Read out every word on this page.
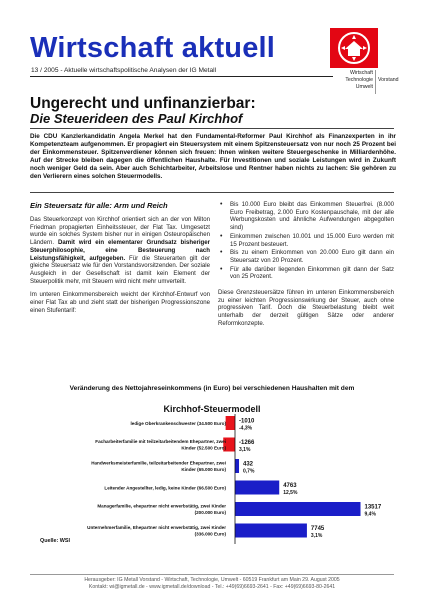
Wirtschaft aktuell
13 / 2005 - Aktuelle wirtschaftspolitische Analysen der IG Metall	Wirtschaft
Technologie
Umwelt
Vorstand
Ungerecht und unfinanzierbar:
Die Steuerideen des Paul Kirchhof
Die CDU Kanzlerkandidatin Angela Merkel hat den Fundamental-Reformer Paul Kirchhof als Finanzexperten in ihr Kompetenzteam aufgenommen. Er propagiert ein Steuersystem mit einem Spitzensteuersatz von nur noch 25 Prozent bei der Einkommensteuer. Spitzenverdiener können sich freuen: Ihnen winken weitere Steuergeschenke in Milliardenhöhe. Auf der Strecke bleiben dagegen die öffentlichen Haushalte. Für Investitionen und soziale Leistungen wird in Zukunft noch weniger Geld da sein. Aber auch Schichtarbeiter, Arbeitslose und Rentner haben nichts zu lachen: Sie gehören zu den Verlierern eines solchen Steuermodells.
Ein Steuersatz für alle: Arm und Reich

Das Steuerkonzept von Kirchhof orientiert sich an der von Milton Friedman propagierten Einheitssteuer, der Flat Tax. Umgesetzt wurde ein solches System bisher nur in einigen Osteuropäischen Ländern. Damit wird ein elementarer Grundsatz bisheriger Steuerphilosophie, eine Besteuerung nach Leistungsfähigkeit, aufgegeben. Für die Steuerarten gilt der gleiche Steuersatz wie für den Vorstandsvorsitzenden. Der soziale Ausgleich in der Gesellschaft ist damit kein Element der Steuerpolitik mehr, mit Steuern wird nicht mehr umverteilt.

Im unteren Einkommensbereich weicht der Kirchhof-Entwurf von einer Flat Tax ab und zieht statt der bisherigen Progressionszone einen Stufentarif:

• Bis 10.000 Euro bleibt das Einkommen Steuerfrei. (8.000 Euro Freibetrag, 2.000 Euro Kostenpauschale, mit der alle Werbungskosten und ähnliche Aufwendungen abgegolten sind)
• Einkommen zwischen 10.001 und 15.000 Euro werden mit 15 Prozent besteuert.
• Bis zu einem Einkommen von 20.000 Euro gilt dann ein Steuersatz von 20 Prozent.
• Für alle darüber liegenden Einkommen gilt dann der Satz von 25 Prozent.

Diese Grenzsteuersätze führen im unteren Einkommensbereich zu einer leichten Progressionswirkung der Steuer, auch ohne progressiven Tarif. Doch die Steuerbelastung bleibt weit unterhalb der derzeit gültigen Sätze oder anderer Reformkonzepte.

Veränderung des Nettojahreseinkommens (in Euro) bei verschiedenen Haushalten mit dem
Kirchhof-Steuermodell
ledige Oberkrankenschwester (34.500 Euro) -1010
-4,3%
Facharbeiterfamilie mit teilzeitarbeitendem Ehepartner, zwei Kinder (52.500 Euro)
-1266
3,1%
Handwerksmeisterfamilie, teilzeitarbeitender Ehepartner, zwei Kinder (65.000 Euro)
432
0,7%
Leitender Angestellter, ledig, keine Kinder (66.500 Euro)	4763
12,5%
Managerfamilie, ehepartner nicht erwerbstätig, zwei Kinder (200.000 Euro)
13517
9,4%
Unternehmerfamilie, Ehepartner nicht erwerbstätig, zwei Kinder (336.000 Euro)
7745
3,1%
Quelle: WSI
Herausgeber: IG Metall Vorstand - Wirtschaft, Technologie, Umwelt - 60519 Frankfurt am Main 29. August 2005
Kontakt: wi@igmetall.de - www.igmetall.de/download - Tel.: +49(69)6693-2641 - Fax: +49(69)6693-80-2641
